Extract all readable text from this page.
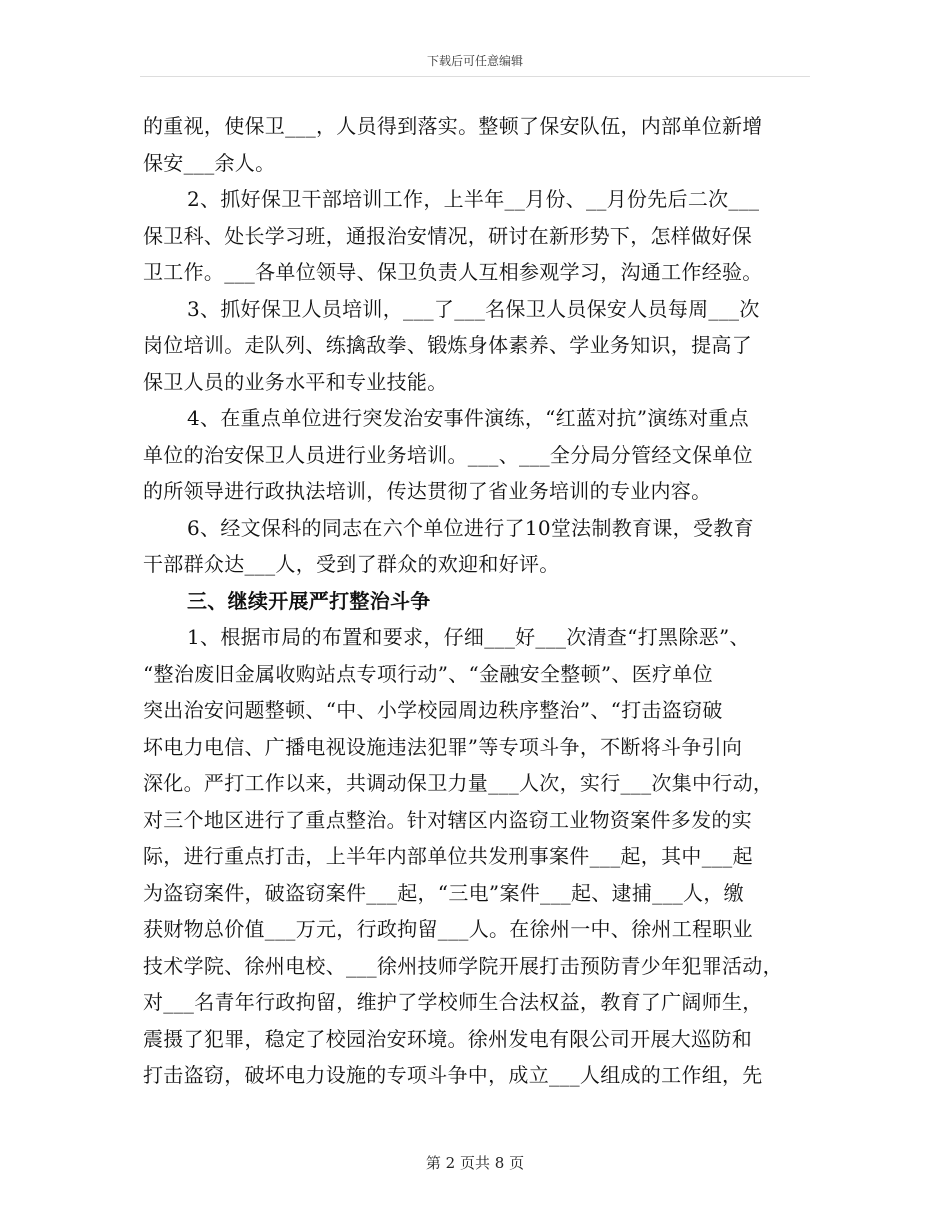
下载后可任意编辑
的重视，使保卫___，人员得到落实。整顿了保安队伍，内部单位新增
保安___余人。
2、抓好保卫干部培训工作，上半年__月份、__月份先后二次___
保卫科、处长学习班，通报治安情况，研讨在新形势下，怎样做好保
卫工作。___各单位领导、保卫负责人互相参观学习，沟通工作经验。
3、抓好保卫人员培训，___了___名保卫人员保安人员每周___次
岗位培训。走队列、练擒敌拳、锻炼身体素养、学业务知识，提高了
保卫人员的业务水平和专业技能。
4、在重点单位进行突发治安事件演练，“红蓝对抗”演练对重点
单位的治安保卫人员进行业务培训。___、___全分局分管经文保单位
的所领导进行政执法培训，传达贯彻了省业务培训的专业内容。
6、经文保科的同志在六个单位进行了10堂法制教育课，受教育
干部群众达___人，受到了群众的欢迎和好评。
三、继续开展严打整治斗争
1、根据市局的布置和要求，仔细___好___次清查“打黑除恶”、
“整治废旧金属收购站点专项行动”、“金融安全整顿”、医疗单位
突出治安问题整顿、“中、小学校园周边秩序整治”、“打击盗窃破
坏电力电信、广播电视设施违法犯罪”等专项斗争，不断将斗争引向
深化。严打工作以来，共调动保卫力量___人次，实行___次集中行动，
对三个地区进行了重点整治。针对辖区内盗窃工业物资案件多发的实
际，进行重点打击，上半年内部单位共发刑事案件___起，其中___起
为盗窃案件，破盗窃案件___起，“三电”案件___起、逮捕___人，缴
获财物总价值___万元，行政拘留___人。在徐州一中、徐州工程职业
技术学院、徐州电校、___徐州技师学院开展打击预防青少年犯罪活动，
对___名青年行政拘留，维护了学校师生合法权益，教育了广阔师生，
震摄了犯罪，稳定了校园治安环境。徐州发电有限公司开展大巡防和
打击盗窃，破坏电力设施的专项斗争中，成立___人组成的工作组，先
第 2 页共 8 页
